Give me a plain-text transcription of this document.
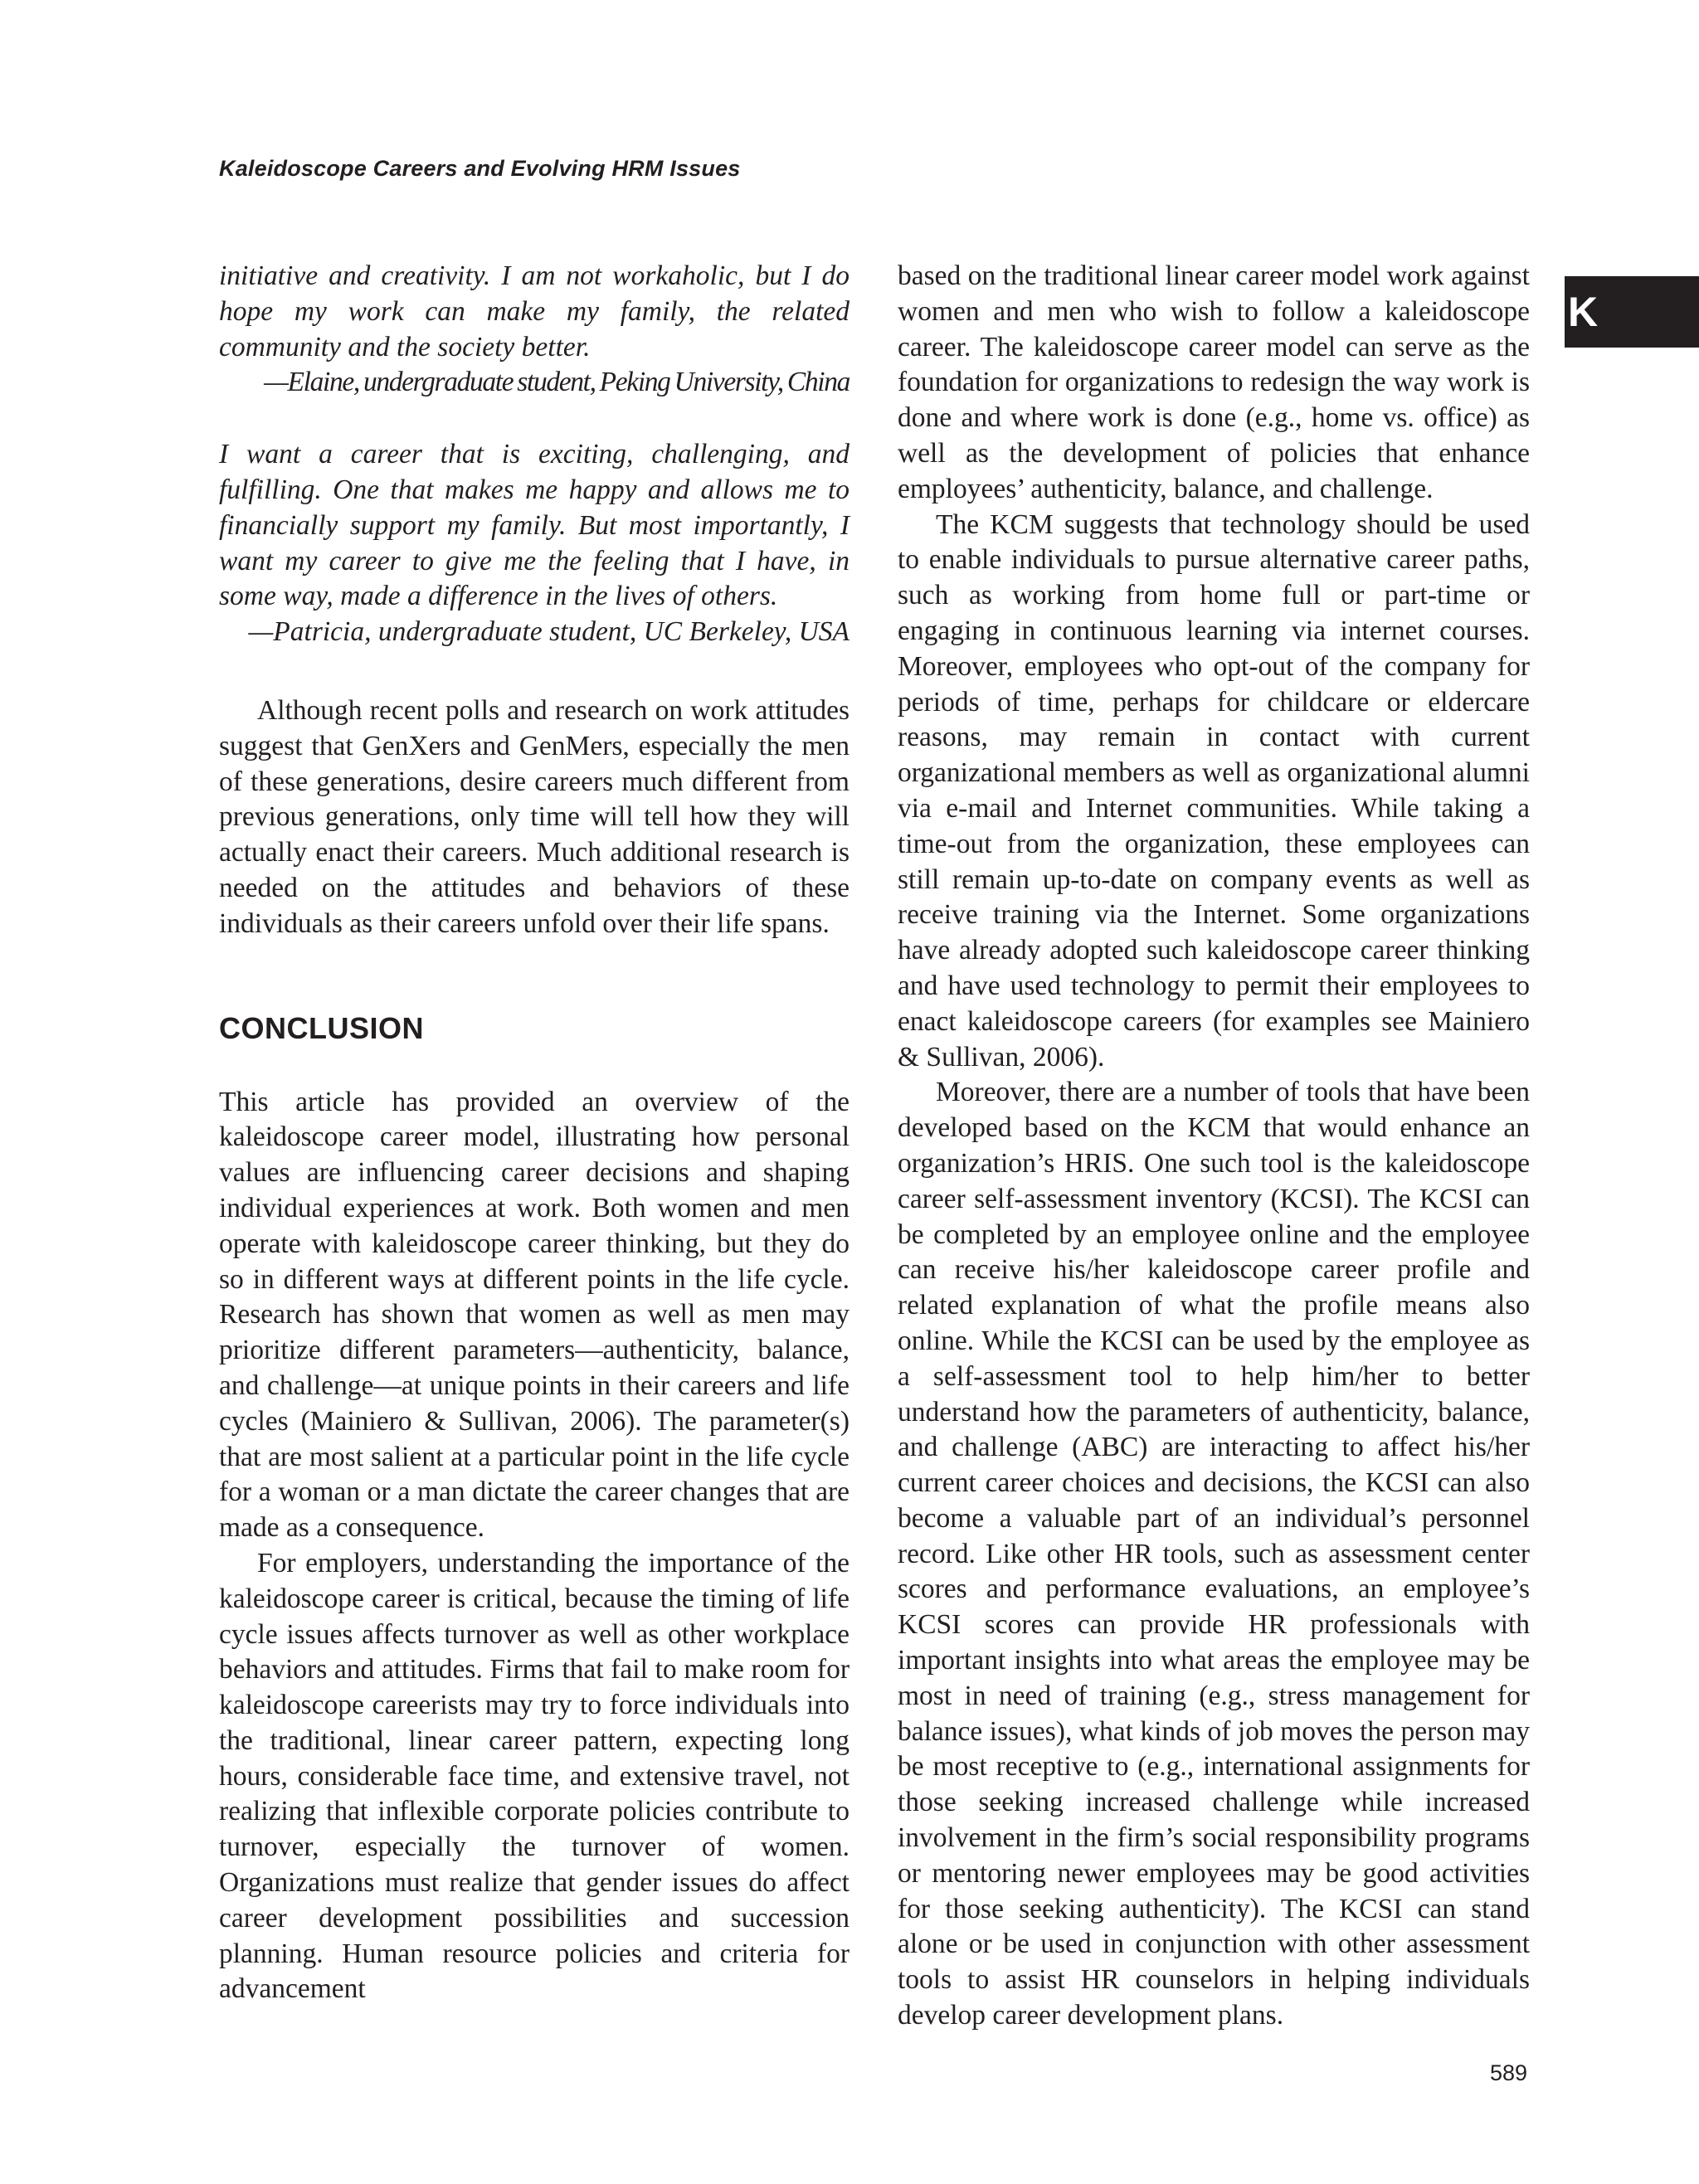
Kaleidoscope Careers and Evolving HRM Issues
K

initiative and creativity. I am not workaholic, but I do hope my work can make my family, the related community and the society better.

—Elaine, undergraduate student, Peking University, China

I want a career that is exciting, challenging, and fulfilling. One that makes me happy and allows me to financially support my family. But most importantly, I want my career to give me the feeling that I have, in some way, made a difference in the lives of others.

—Patricia, undergraduate student, UC Berkeley, USA

Although recent polls and research on work attitudes suggest that GenXers and GenMers, especially the men of these generations, desire careers much different from previous generations, only time will tell how they will actually enact their careers. Much additional research is needed on the attitudes and behaviors of these individuals as their careers unfold over their life spans.

CONCLUSION

This article has provided an overview of the kaleidoscope career model, illustrating how personal values are influencing career decisions and shaping individual experiences at work. Both women and men operate with kaleidoscope career thinking, but they do so in different ways at different points in the life cycle. Research has shown that women as well as men may prioritize different parameters—authenticity, balance, and challenge—at unique points in their careers and life cycles (Mainiero & Sullivan, 2006). The parameter(s) that are most salient at a particular point in the life cycle for a woman or a man dictate the career changes that are made as a consequence.

For employers, understanding the importance of the kaleidoscope career is critical, because the timing of life cycle issues affects turnover as well as other workplace behaviors and attitudes. Firms that fail to make room for kaleidoscope careerists may try to force individuals into the traditional, linear career pattern, expecting long hours, considerable face time, and extensive travel, not realizing that inflexible corporate policies contribute to turnover, especially the turnover of women. Organizations must realize that gender issues do affect career development possibilities and succession planning. Human resource policies and criteria for advancement

based on the traditional linear career model work against women and men who wish to follow a kaleidoscope career. The kaleidoscope career model can serve as the foundation for organizations to redesign the way work is done and where work is done (e.g., home vs. office) as well as the development of policies that enhance employees’ authenticity, balance, and challenge.

The KCM suggests that technology should be used to enable individuals to pursue alternative career paths, such as working from home full or part-time or engaging in continuous learning via internet courses. Moreover, employees who opt-out of the company for periods of time, perhaps for childcare or eldercare reasons, may remain in contact with current organizational members as well as organizational alumni via e-mail and Internet communities. While taking a time-out from the organization, these employees can still remain up-to-date on company events as well as receive training via the Internet. Some organizations have already adopted such kaleidoscope career thinking and have used technology to permit their employees to enact kaleidoscope careers (for examples see Mainiero & Sullivan, 2006).

Moreover, there are a number of tools that have been developed based on the KCM that would enhance an organization’s HRIS. One such tool is the kaleidoscope career self-assessment inventory (KCSI). The KCSI can be completed by an employee online and the employee can receive his/her kaleidoscope career profile and related explanation of what the profile means also online. While the KCSI can be used by the employee as a self-assessment tool to help him/her to better understand how the parameters of authenticity, balance, and challenge (ABC) are interacting to affect his/her current career choices and decisions, the KCSI can also become a valuable part of an individual’s personnel record. Like other HR tools, such as assessment center scores and performance evaluations, an employee’s KCSI scores can provide HR professionals with important insights into what areas the employee may be most in need of training (e.g., stress management for balance issues), what kinds of job moves the person may be most receptive to (e.g., international assignments for those seeking increased challenge while increased involvement in the firm’s social responsibility programs or mentoring newer employees may be good activities for those seeking authenticity). The KCSI can stand alone or be used in conjunction with other assessment tools to assist HR counselors in helping individuals develop career development plans.

589
